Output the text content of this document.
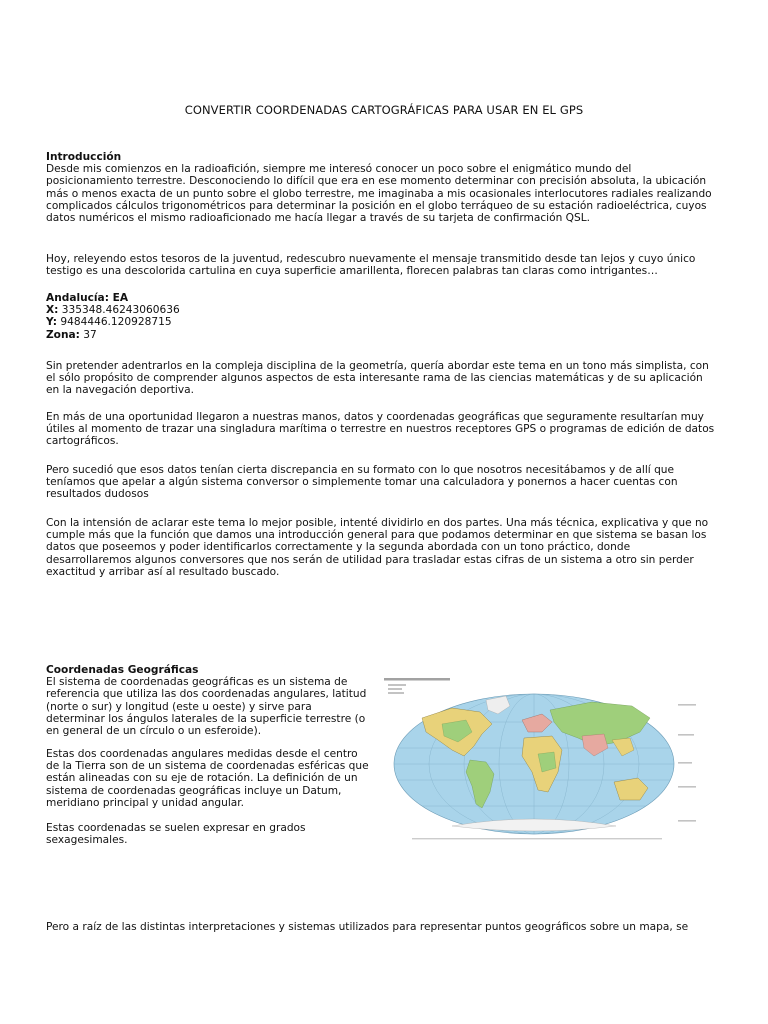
CONVERTIR COORDENADAS CARTOGRÁFICAS PARA USAR EN EL GPS
Introducción

Desde mis comienzos en la radioafición, siempre me interesó conocer un poco sobre el enigmático mundo del posicionamiento terrestre. Desconociendo lo difícil que era en ese momento determinar con precisión absoluta, la ubicación más o menos exacta de un punto sobre el globo terrestre, me imaginaba a mis ocasionales interlocutores radiales realizando complicados cálculos trigonométricos para determinar la posición en el globo terráqueo de su estación radioeléctrica, cuyos datos numéricos el mismo radioaficionado me hacía llegar a través de su tarjeta de confirmación QSL.

Hoy, releyendo estos tesoros de la juventud, redescubro nuevamente el mensaje transmitido desde tan lejos y cuyo único testigo es una descolorida cartulina en cuya superficie amarillenta, florecen palabras tan claras como intrigantes…

Andalucía: EA
X: 335348.46243060636
Y: 9484446.120928715
Zona: 37

Sin pretender adentrarlos en la compleja disciplina de la geometría, quería abordar este tema en un tono más simplista, con el sólo propósito de comprender algunos aspectos de esta interesante rama de las ciencias matemáticas y de su aplicación en la navegación deportiva.

En más de una oportunidad llegaron a nuestras manos, datos y coordenadas geográficas que seguramente resultarían muy útiles al momento de trazar una singladura marítima o terrestre en nuestros receptores GPS o programas de edición de datos cartográficos.

Pero sucedió que esos datos tenían cierta discrepancia en su formato con lo que nosotros necesitábamos y de allí que teníamos que apelar a algún sistema conversor o simplemente tomar una calculadora y ponernos a hacer cuentas con resultados dudosos

Con la intensión de aclarar este tema lo mejor posible, intenté dividirlo en dos partes. Una más técnica, explicativa y que no cumple más que la función que damos una introducción general para que podamos determinar en que sistema se basan los datos que poseemos y poder identificarlos correctamente y la segunda abordada con un tono práctico, donde desarrollaremos algunos conversores que nos serán de utilidad para trasladar estas cifras de un sistema a otro sin perder exactitud y arribar así al resultado buscado.

Coordenadas Geográficas

El sistema de coordenadas geográficas es un sistema de referencia que utiliza las dos coordenadas angulares, latitud (norte o sur) y longitud (este u oeste) y sirve para determinar los ángulos laterales de la superficie terrestre (o en general de un círculo o un esferoide).

Estas dos coordenadas angulares medidas desde el centro de la Tierra son de un sistema de coordenadas esféricas que están alineadas con su eje de rotación. La definición de un sistema de coordenadas geográficas incluye un Datum, meridiano principal y unidad angular.

Estas coordenadas se suelen expresar en grados sexagesimales.

Pero a raíz de las distintas interpretaciones y sistemas utilizados para representar puntos geográficos sobre un mapa, se
